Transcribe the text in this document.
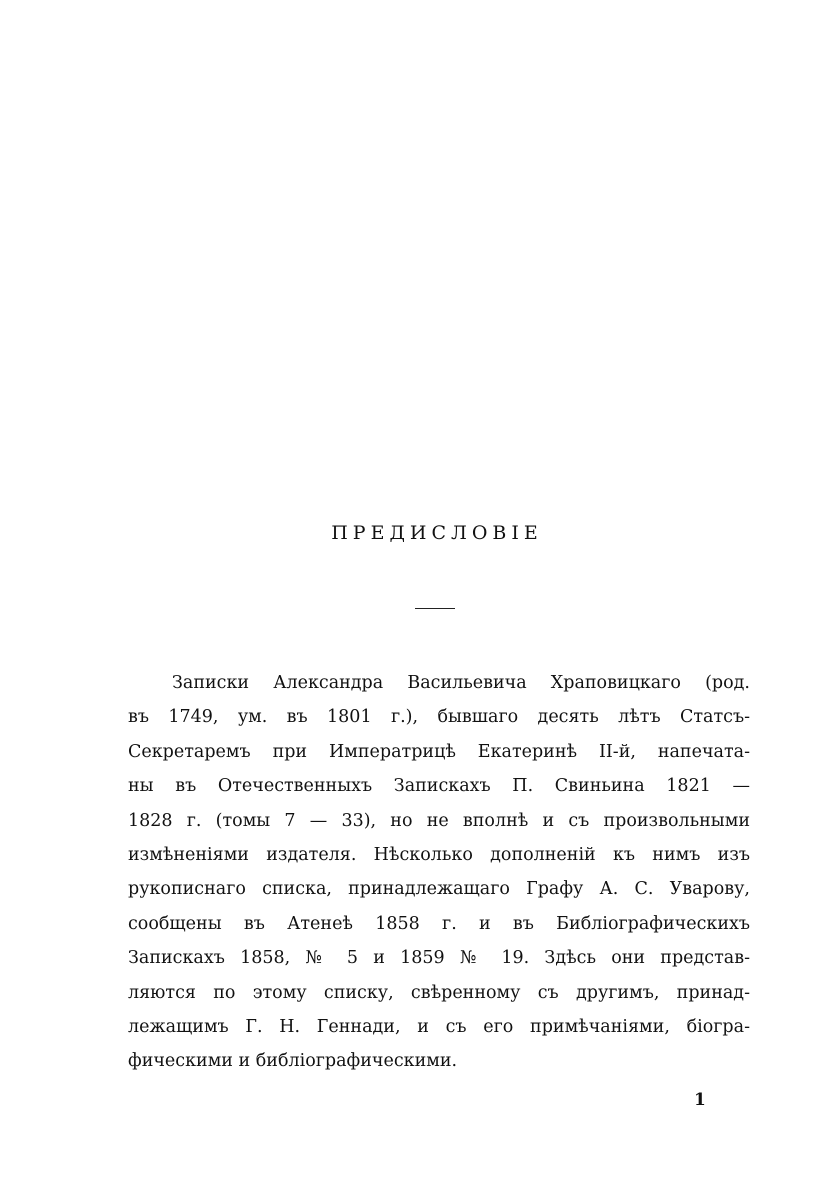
ПРЕДИСЛОВІЕ
Записки Александра Васильевича Храповицкаго (род.
въ 1749, ум. въ 1801 г.), бывшаго десять лѣтъ Статсъ-
Секретаремъ при Императрицѣ Екатеринѣ II-й, напечата-
ны въ Отечественныхъ Запискахъ П. Свиньина 1821 —
1828 г. (томы 7 — 33), но не вполнѣ и съ произвольными
измѣненіями издателя. Нѣсколько дополненій къ нимъ изъ
рукописнаго списка, принадлежащаго Графу А. С. Уварову,
сообщены въ Атенеѣ 1858 г. и въ Библіографическихъ
Запискахъ 1858, № 5 и 1859 № 19. Здѣсь они представ-
ляются по этому списку, свѣренному съ другимъ, принад-
лежащимъ Г. Н. Геннади, и съ его примѣчаніями, біогра-
фическими и библіографическими.
1
